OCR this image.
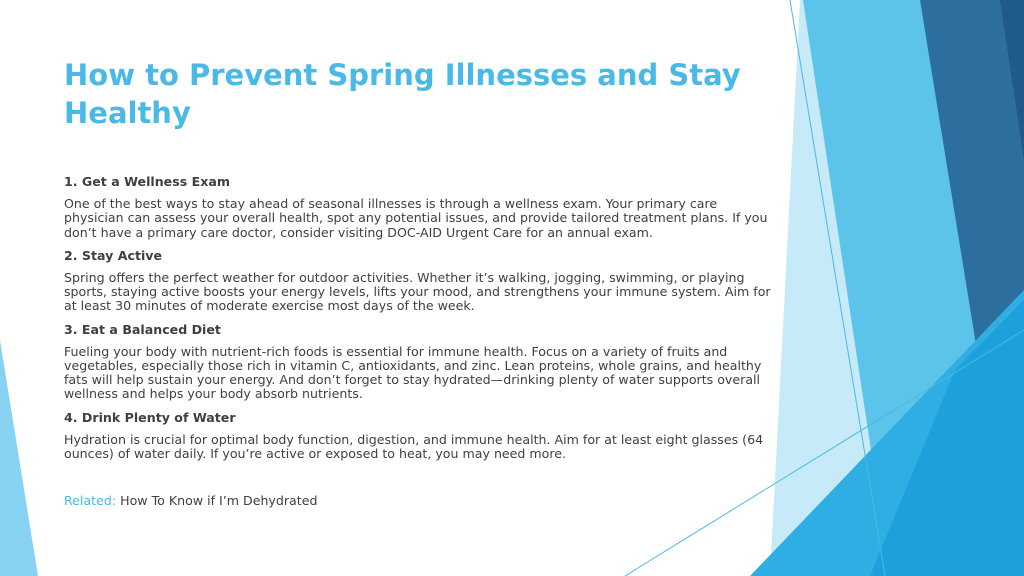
How to Prevent Spring Illnesses and Stay Healthy
1. Get a Wellness Exam

One of the best ways to stay ahead of seasonal illnesses is through a wellness exam. Your primary care physician can assess your overall health, spot any potential issues, and provide tailored treatment plans. If you don’t have a primary care doctor, consider visiting DOC-AID Urgent Care for an annual exam.

2. Stay Active

Spring offers the perfect weather for outdoor activities. Whether it’s walking, jogging, swimming, or playing sports, staying active boosts your energy levels, lifts your mood, and strengthens your immune system. Aim for at least 30 minutes of moderate exercise most days of the week.

3. Eat a Balanced Diet

Fueling your body with nutrient-rich foods is essential for immune health. Focus on a variety of fruits and vegetables, especially those rich in vitamin C, antioxidants, and zinc. Lean proteins, whole grains, and healthy fats will help sustain your energy. And don’t forget to stay hydrated—drinking plenty of water supports overall wellness and helps your body absorb nutrients.

4. Drink Plenty of Water

Hydration is crucial for optimal body function, digestion, and immune health. Aim for at least eight glasses (64 ounces) of water daily. If you’re active or exposed to heat, you may need more.

Related: How To Know if I’m Dehydrated
